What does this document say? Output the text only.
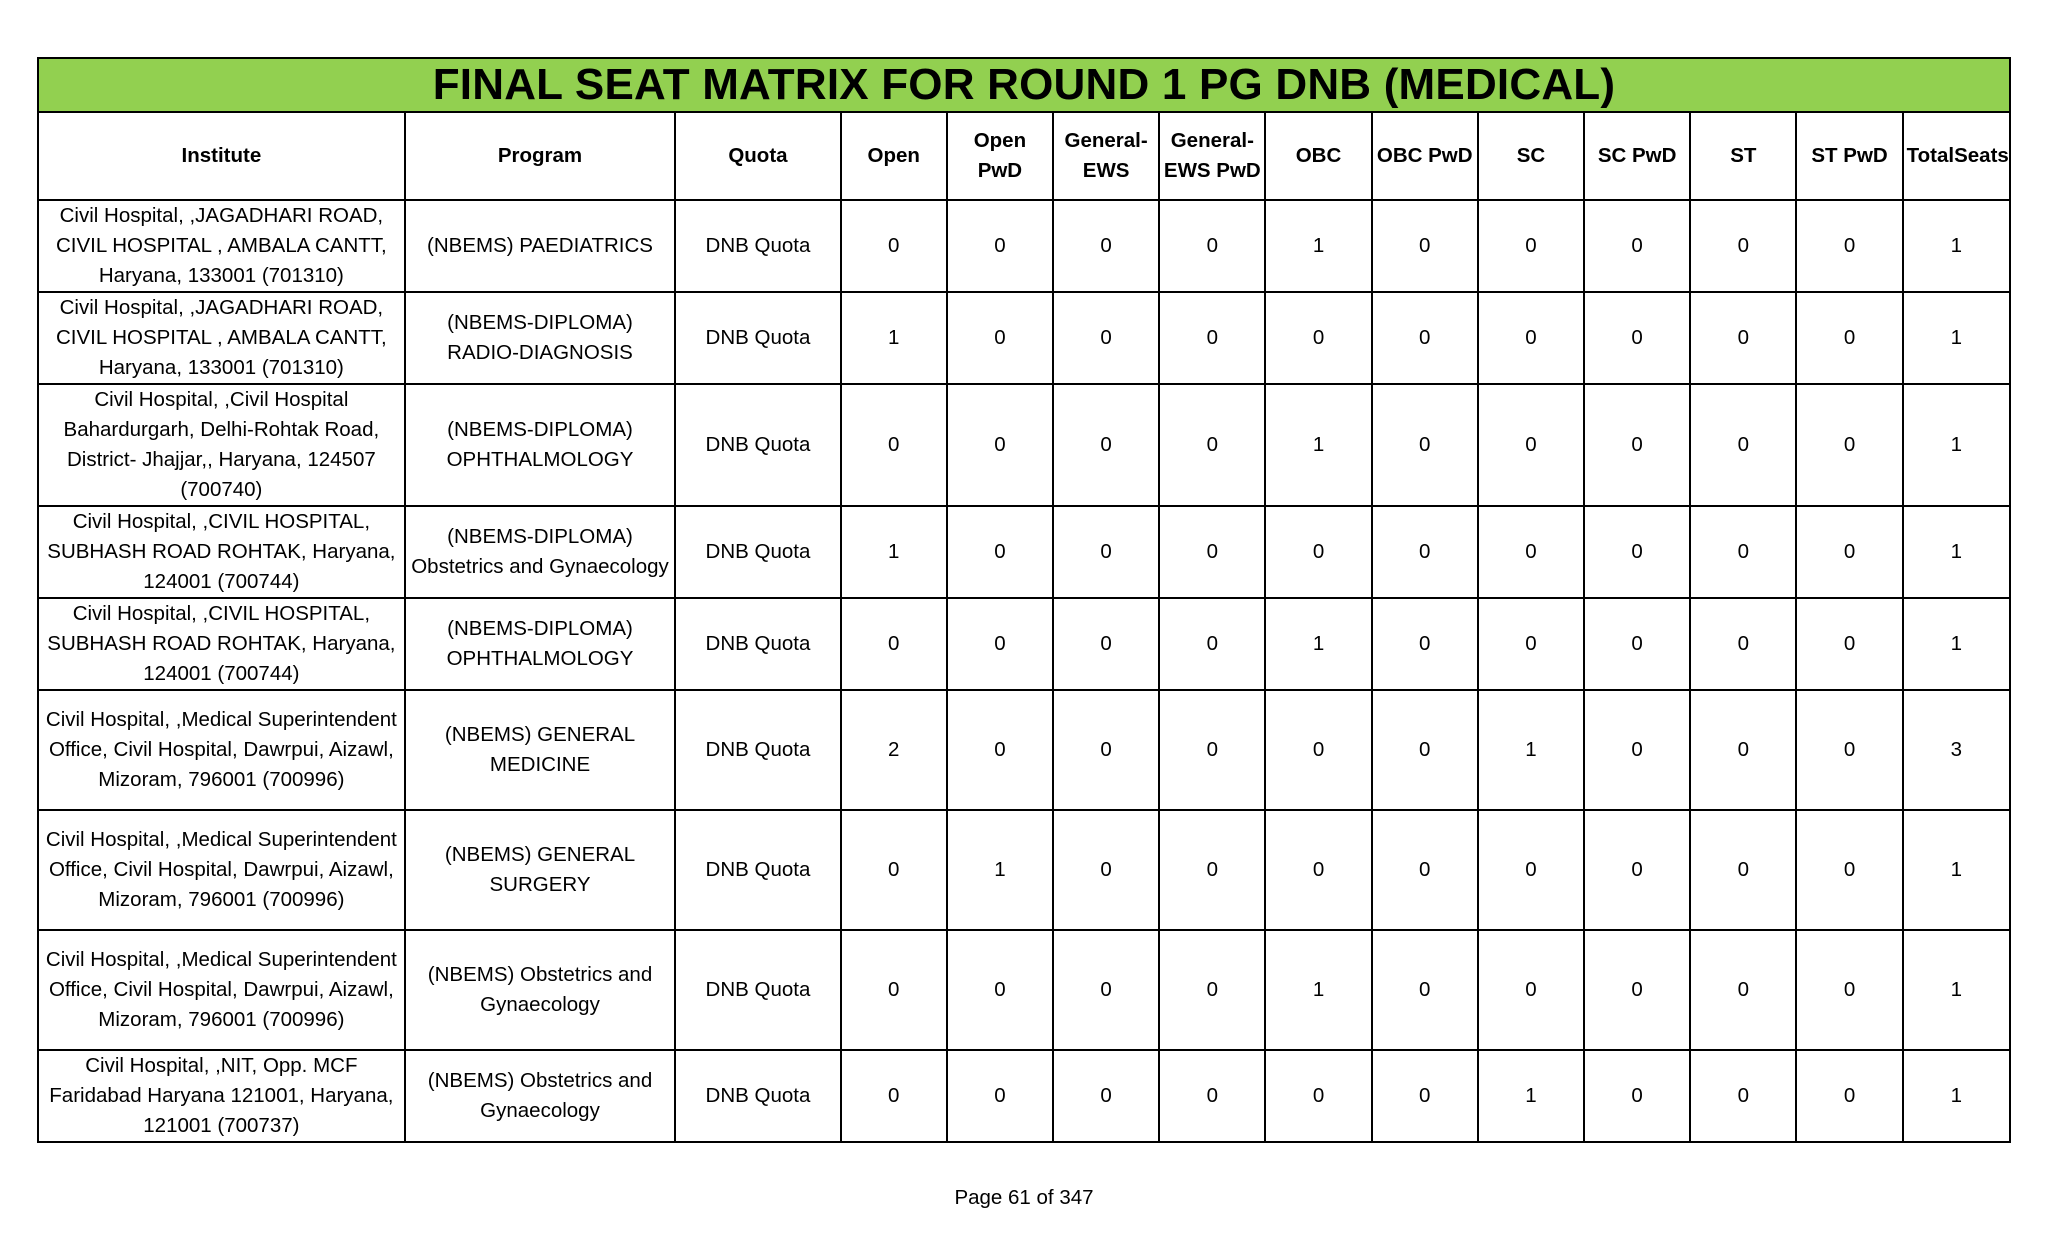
FINAL SEAT MATRIX FOR ROUND 1 PG DNB (MEDICAL)
Institute	Program	Quota	Open	Open PwD	General-EWS	General-EWS PwD	OBC	OBC PwD	SC	SC PwD	ST	ST PwD	TotalSeats
Civil Hospital, ,JAGADHARI ROAD, CIVIL HOSPITAL , AMBALA CANTT, Haryana, 133001 (701310)	(NBEMS) PAEDIATRICS	DNB Quota	0	0	0	0	1	0	0	0	0	0	1
Civil Hospital, ,JAGADHARI ROAD, CIVIL HOSPITAL , AMBALA CANTT, Haryana, 133001 (701310)	(NBEMS-DIPLOMA) RADIO-DIAGNOSIS	DNB Quota	1	0	0	0	0	0	0	0	0	0	1
Civil Hospital, ,Civil Hospital Bahardurgarh, Delhi-Rohtak Road, District- Jhajjar,, Haryana, 124507 (700740)	(NBEMS-DIPLOMA) OPHTHALMOLOGY	DNB Quota	0	0	0	0	1	0	0	0	0	0	1
Civil Hospital, ,CIVIL HOSPITAL, SUBHASH ROAD ROHTAK, Haryana, 124001 (700744)	(NBEMS-DIPLOMA) Obstetrics and Gynaecology	DNB Quota	1	0	0	0	0	0	0	0	0	0	1
Civil Hospital, ,CIVIL HOSPITAL, SUBHASH ROAD ROHTAK, Haryana, 124001 (700744)	(NBEMS-DIPLOMA) OPHTHALMOLOGY	DNB Quota	0	0	0	0	1	0	0	0	0	0	1
Civil Hospital, ,Medical Superintendent Office, Civil Hospital, Dawrpui, Aizawl, Mizoram, 796001 (700996)	(NBEMS) GENERAL MEDICINE	DNB Quota	2	0	0	0	0	0	1	0	0	0	3
Civil Hospital, ,Medical Superintendent Office, Civil Hospital, Dawrpui, Aizawl, Mizoram, 796001 (700996)	(NBEMS) GENERAL SURGERY	DNB Quota	0	1	0	0	0	0	0	0	0	0	1
Civil Hospital, ,Medical Superintendent Office, Civil Hospital, Dawrpui, Aizawl, Mizoram, 796001 (700996)	(NBEMS) Obstetrics and Gynaecology	DNB Quota	0	0	0	0	1	0	0	0	0	0	1
Civil Hospital, ,NIT, Opp. MCF Faridabad Haryana 121001, Haryana, 121001 (700737)	(NBEMS) Obstetrics and Gynaecology	DNB Quota	0	0	0	0	0	0	1	0	0	0	1
Page 61 of 347
